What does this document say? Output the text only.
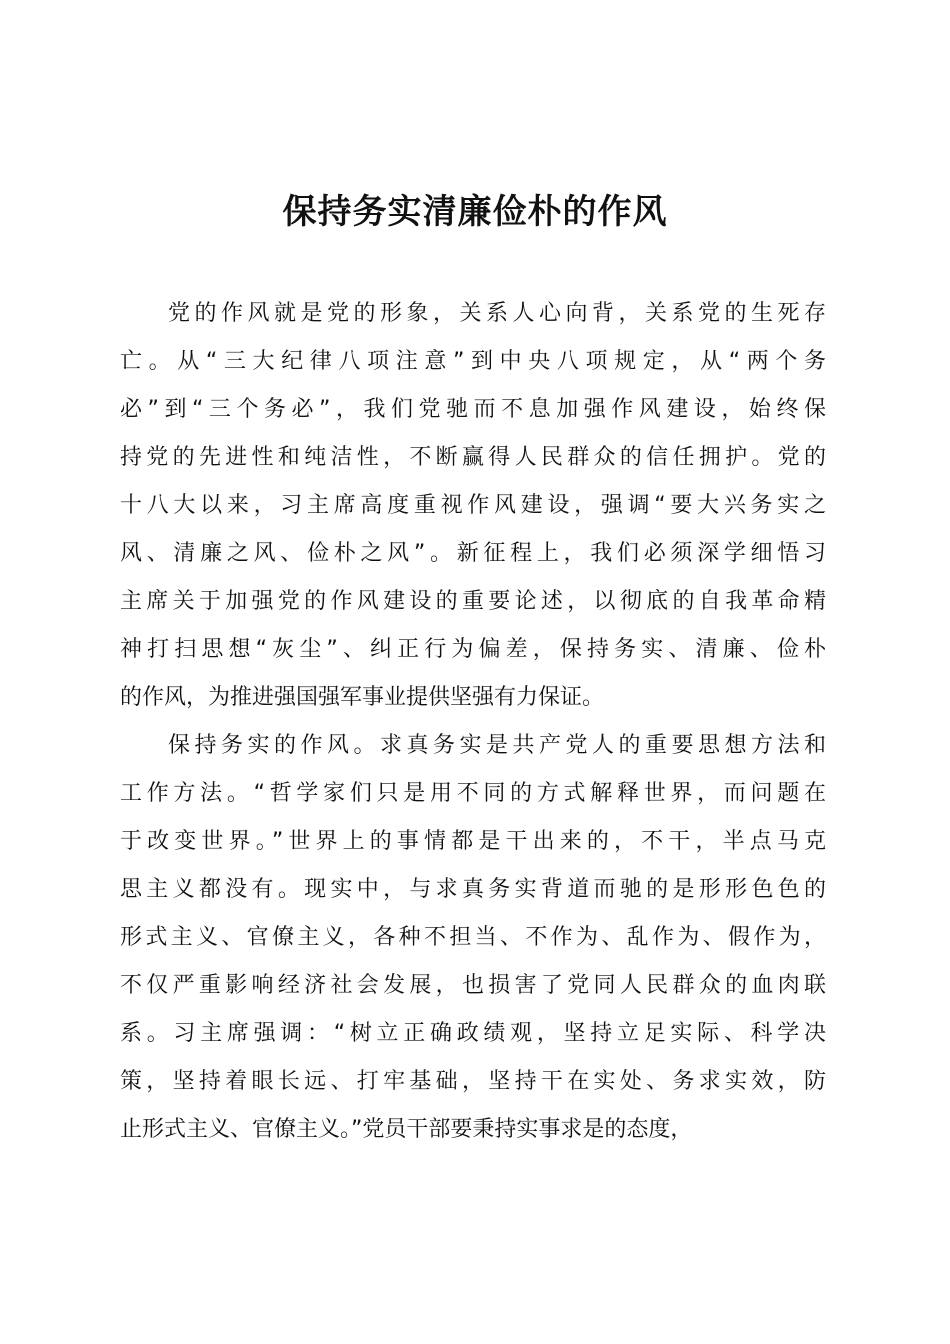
保持务实清廉俭朴的作风
党的作风就是党的形象，关系人心向背，关系党的生死存
亡。从“三大纪律八项注意”到中央八项规定，从“两个务
必”到“三个务必”，我们党驰而不息加强作风建设，始终保
持党的先进性和纯洁性，不断赢得人民群众的信任拥护。党的
十八大以来，习主席高度重视作风建设，强调“要大兴务实之
风、清廉之风、俭朴之风”。新征程上，我们必须深学细悟习
主席关于加强党的作风建设的重要论述，以彻底的自我革命精
神打扫思想“灰尘”、纠正行为偏差，保持务实、清廉、俭朴
的作风，为推进强国强军事业提供坚强有力保证。
保持务实的作风。求真务实是共产党人的重要思想方法和
工作方法。“哲学家们只是用不同的方式解释世界，而问题在
于改变世界。”世界上的事情都是干出来的，不干，半点马克
思主义都没有。现实中，与求真务实背道而驰的是形形色色的
形式主义、官僚主义，各种不担当、不作为、乱作为、假作为，
不仅严重影响经济社会发展，也损害了党同人民群众的血肉联
系。习主席强调：“树立正确政绩观，坚持立足实际、科学决
策，坚持着眼长远、打牢基础，坚持干在实处、务求实效，防
止形式主义、官僚主义。”党员干部要秉持实事求是的态度，
